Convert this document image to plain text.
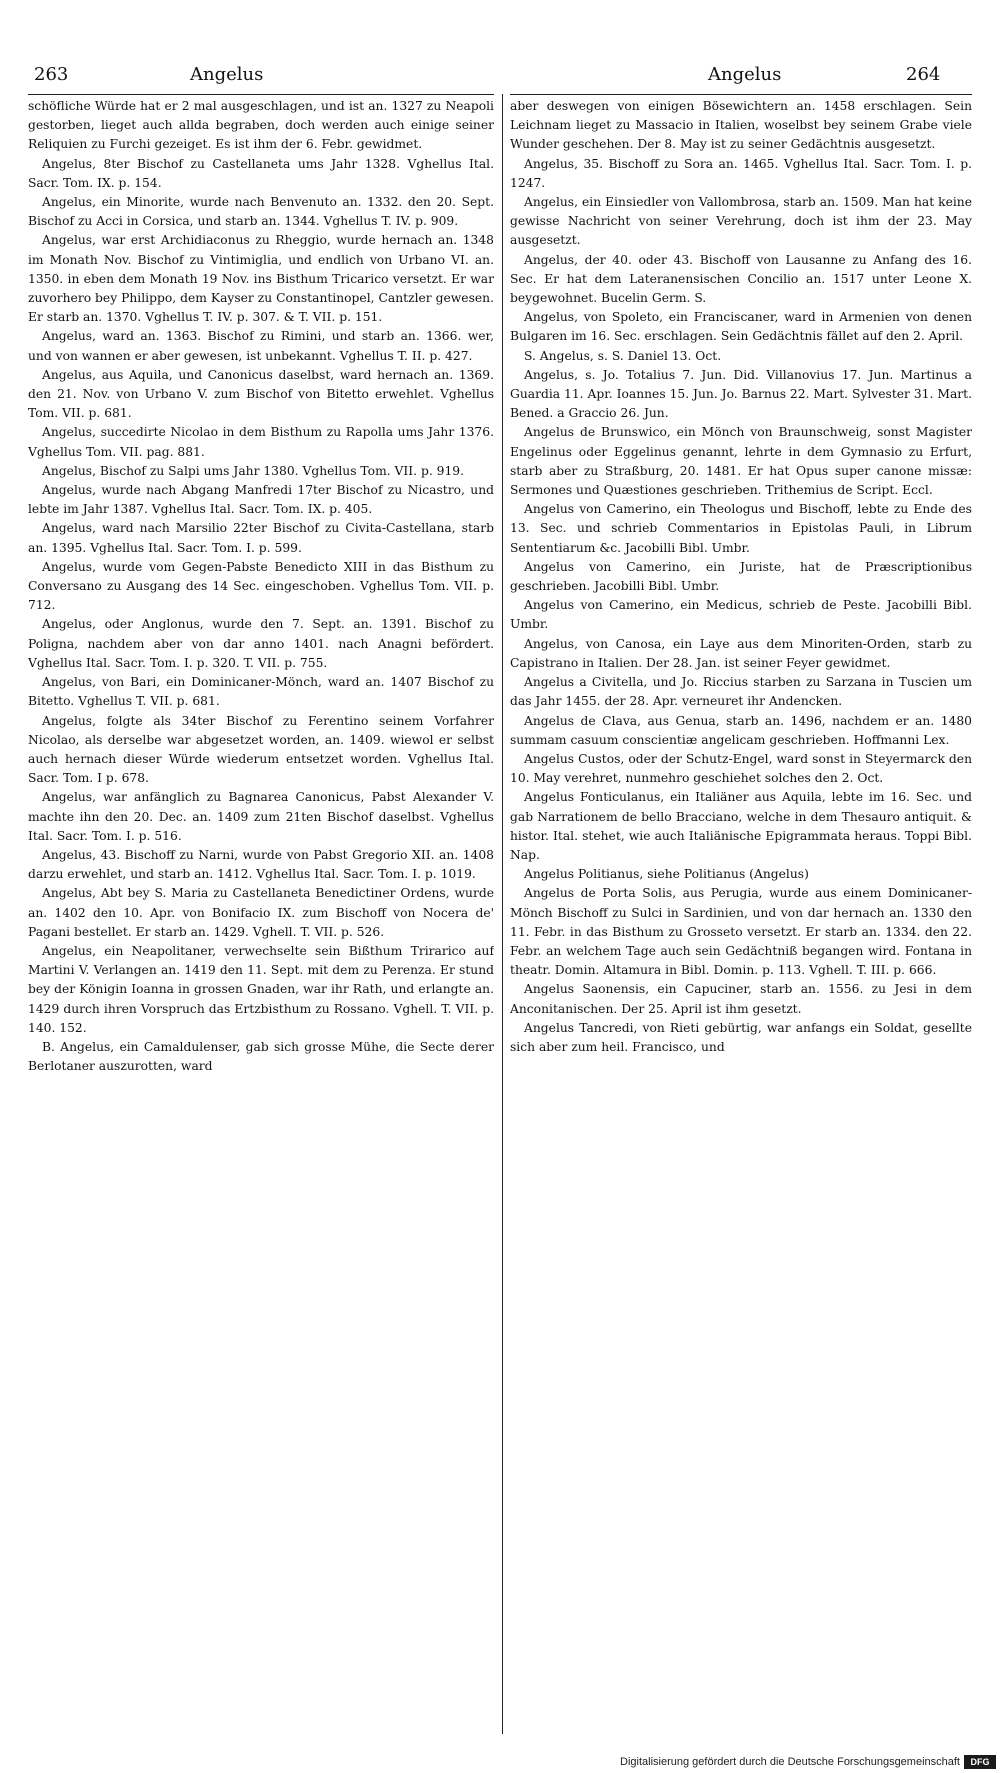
263	Angelus	Angelus	264

schöfliche Würde hat er 2 mal ausgeschlagen, und ist an. 1327 zu Neapoli gestorben, lieget auch allda begraben, doch werden auch einige seiner Reliquien zu Furchi gezeiget. Es ist ihm der 6. Febr. gewidmet.

Angelus, 8ter Bischof zu Castellaneta ums Jahr 1328. Vghellus Ital. Sacr. Tom. IX. p. 154.

Angelus, ein Minorite, wurde nach Benvenuto an. 1332. den 20. Sept. Bischof zu Acci in Corsica, und starb an. 1344. Vghellus T. IV. p. 909.

Angelus, war erst Archidiaconus zu Rheggio, wurde hernach an. 1348 im Monath Nov. Bischof zu Vintimiglia, und endlich von Urbano VI. an. 1350. in eben dem Monath 19 Nov. ins Bisthum Tricarico versetzt. Er war zuvorhero bey Philippo, dem Kayser zu Constantinopel, Cantzler gewesen. Er starb an. 1370. Vghellus T. IV. p. 307. & T. VII. p. 151.

Angelus, ward an. 1363. Bischof zu Rimini, und starb an. 1366. wer, und von wannen er aber gewesen, ist unbekannt. Vghellus T. II. p. 427.

Angelus, aus Aquila, und Canonicus daselbst, ward hernach an. 1369. den 21. Nov. von Urbano V. zum Bischof von Bitetto erwehlet. Vghellus Tom. VII. p. 681.

Angelus, succedirte Nicolao in dem Bisthum zu Rapolla ums Jahr 1376. Vghellus Tom. VII. pag. 881.

Angelus, Bischof zu Salpi ums Jahr 1380. Vghellus Tom. VII. p. 919.

Angelus, wurde nach Abgang Manfredi 17ter Bischof zu Nicastro, und lebte im Jahr 1387. Vghellus Ital. Sacr. Tom. IX. p. 405.

Angelus, ward nach Marsilio 22ter Bischof zu Civita-Castellana, starb an. 1395. Vghellus Ital. Sacr. Tom. I. p. 599.

Angelus, wurde vom Gegen-Pabste Benedicto XIII in das Bisthum zu Conversano zu Ausgang des 14 Sec. eingeschoben. Vghellus Tom. VII. p. 712.

Angelus, oder Anglonus, wurde den 7. Sept. an. 1391. Bischof zu Poligna, nachdem aber von dar anno 1401. nach Anagni befördert. Vghellus Ital. Sacr. Tom. I. p. 320. T. VII. p. 755.

Angelus, von Bari, ein Dominicaner-Mönch, ward an. 1407 Bischof zu Bitetto. Vghellus T. VII. p. 681.

Angelus, folgte als 34ter Bischof zu Ferentino seinem Vorfahrer Nicolao, als derselbe war abgesetzet worden, an. 1409. wiewol er selbst auch hernach dieser Würde wiederum entsetzet worden. Vghellus Ital. Sacr. Tom. I p. 678.

Angelus, war anfänglich zu Bagnarea Canonicus, Pabst Alexander V. machte ihn den 20. Dec. an. 1409 zum 21ten Bischof daselbst. Vghellus Ital. Sacr. Tom. I. p. 516.

Angelus, 43. Bischoff zu Narni, wurde von Pabst Gregorio XII. an. 1408 darzu erwehlet, und starb an. 1412. Vghellus Ital. Sacr. Tom. I. p. 1019.

Angelus, Abt bey S. Maria zu Castellaneta Benedictiner Ordens, wurde an. 1402 den 10. Apr. von Bonifacio IX. zum Bischoff von Nocera de' Pagani bestellet. Er starb an. 1429. Vghell. T. VII. p. 526.

Angelus, ein Neapolitaner, verwechselte sein Bißthum Trirarico auf Martini V. Verlangen an. 1419 den 11. Sept. mit dem zu Perenza. Er stund bey der Königin Ioanna in grossen Gnaden, war ihr Rath, und erlangte an. 1429 durch ihren Vorspruch das Ertzbisthum zu Rossano. Vghell. T. VII. p. 140. 152.

B. Angelus, ein Camaldulenser, gab sich grosse Mühe, die Secte derer Berlotaner auszurotten, ward

aber deswegen von einigen Bösewichtern an. 1458 erschlagen. Sein Leichnam lieget zu Massacio in Italien, woselbst bey seinem Grabe viele Wunder geschehen. Der 8. May ist zu seiner Gedächtnis ausgesetzt.

Angelus, 35. Bischoff zu Sora an. 1465. Vghellus Ital. Sacr. Tom. I. p. 1247.

Angelus, ein Einsiedler von Vallombrosa, starb an. 1509. Man hat keine gewisse Nachricht von seiner Verehrung, doch ist ihm der 23. May ausgesetzt.

Angelus, der 40. oder 43. Bischoff von Lausanne zu Anfang des 16. Sec. Er hat dem Lateranensischen Concilio an. 1517 unter Leone X. beygewohnet. Bucelin Germ. S.

Angelus, von Spoleto, ein Franciscaner, ward in Armenien von denen Bulgaren im 16. Sec. erschlagen. Sein Gedächtnis fället auf den 2. April.

S. Angelus, s. S. Daniel 13. Oct.

Angelus, s. Jo. Totalius 7. Jun. Did. Villanovius 17. Jun. Martinus a Guardia 11. Apr. Ioannes 15. Jun. Jo. Barnus 22. Mart. Sylvester 31. Mart. Bened. a Graccio 26. Jun.

Angelus de Brunswico, ein Mönch von Braunschweig, sonst Magister Engelinus oder Eggelinus genannt, lehrte in dem Gymnasio zu Erfurt, starb aber zu Straßburg, 20. 1481. Er hat Opus super canone missæ: Sermones und Quæstiones geschrieben. Trithemius de Script. Eccl.

Angelus von Camerino, ein Theologus und Bischoff, lebte zu Ende des 13. Sec. und schrieb Commentarios in Epistolas Pauli, in Librum Sententiarum &c. Jacobilli Bibl. Umbr.

Angelus von Camerino, ein Juriste, hat de Præscriptionibus geschrieben. Jacobilli Bibl. Umbr.

Angelus von Camerino, ein Medicus, schrieb de Peste. Jacobilli Bibl. Umbr.

Angelus, von Canosa, ein Laye aus dem Minoriten-Orden, starb zu Capistrano in Italien. Der 28. Jan. ist seiner Feyer gewidmet.

Angelus a Civitella, und Jo. Riccius starben zu Sarzana in Tuscien um das Jahr 1455. der 28. Apr. verneuret ihr Andencken.

Angelus de Clava, aus Genua, starb an. 1496, nachdem er an. 1480 summam casuum conscientiæ angelicam geschrieben. Hoffmanni Lex.

Angelus Custos, oder der Schutz-Engel, ward sonst in Steyermarck den 10. May verehret, nunmehro geschiehet solches den 2. Oct.

Angelus Fonticulanus, ein Italiäner aus Aquila, lebte im 16. Sec. und gab Narrationem de bello Bracciano, welche in dem Thesauro antiquit. & histor. Ital. stehet, wie auch Italiänische Epigrammata heraus. Toppi Bibl. Nap.

Angelus Politianus, siehe Politianus (Angelus)

Angelus de Porta Solis, aus Perugia, wurde aus einem Dominicaner-Mönch Bischoff zu Sulci in Sardinien, und von dar hernach an. 1330 den 11. Febr. in das Bisthum zu Grosseto versetzt. Er starb an. 1334. den 22. Febr. an welchem Tage auch sein Gedächtniß begangen wird. Fontana in theatr. Domin. Altamura in Bibl. Domin. p. 113. Vghell. T. III. p. 666.

Angelus Saonensis, ein Capuciner, starb an. 1556. zu Jesi in dem Anconitanischen. Der 25. April ist ihm gesetzt.

Angelus Tancredi, von Rieti gebürtig, war anfangs ein Soldat, gesellte sich aber zum heil. Francisco, und

Digitalisierung gefördert durch die Deutsche Forschungsgemeinschaft	DFG
